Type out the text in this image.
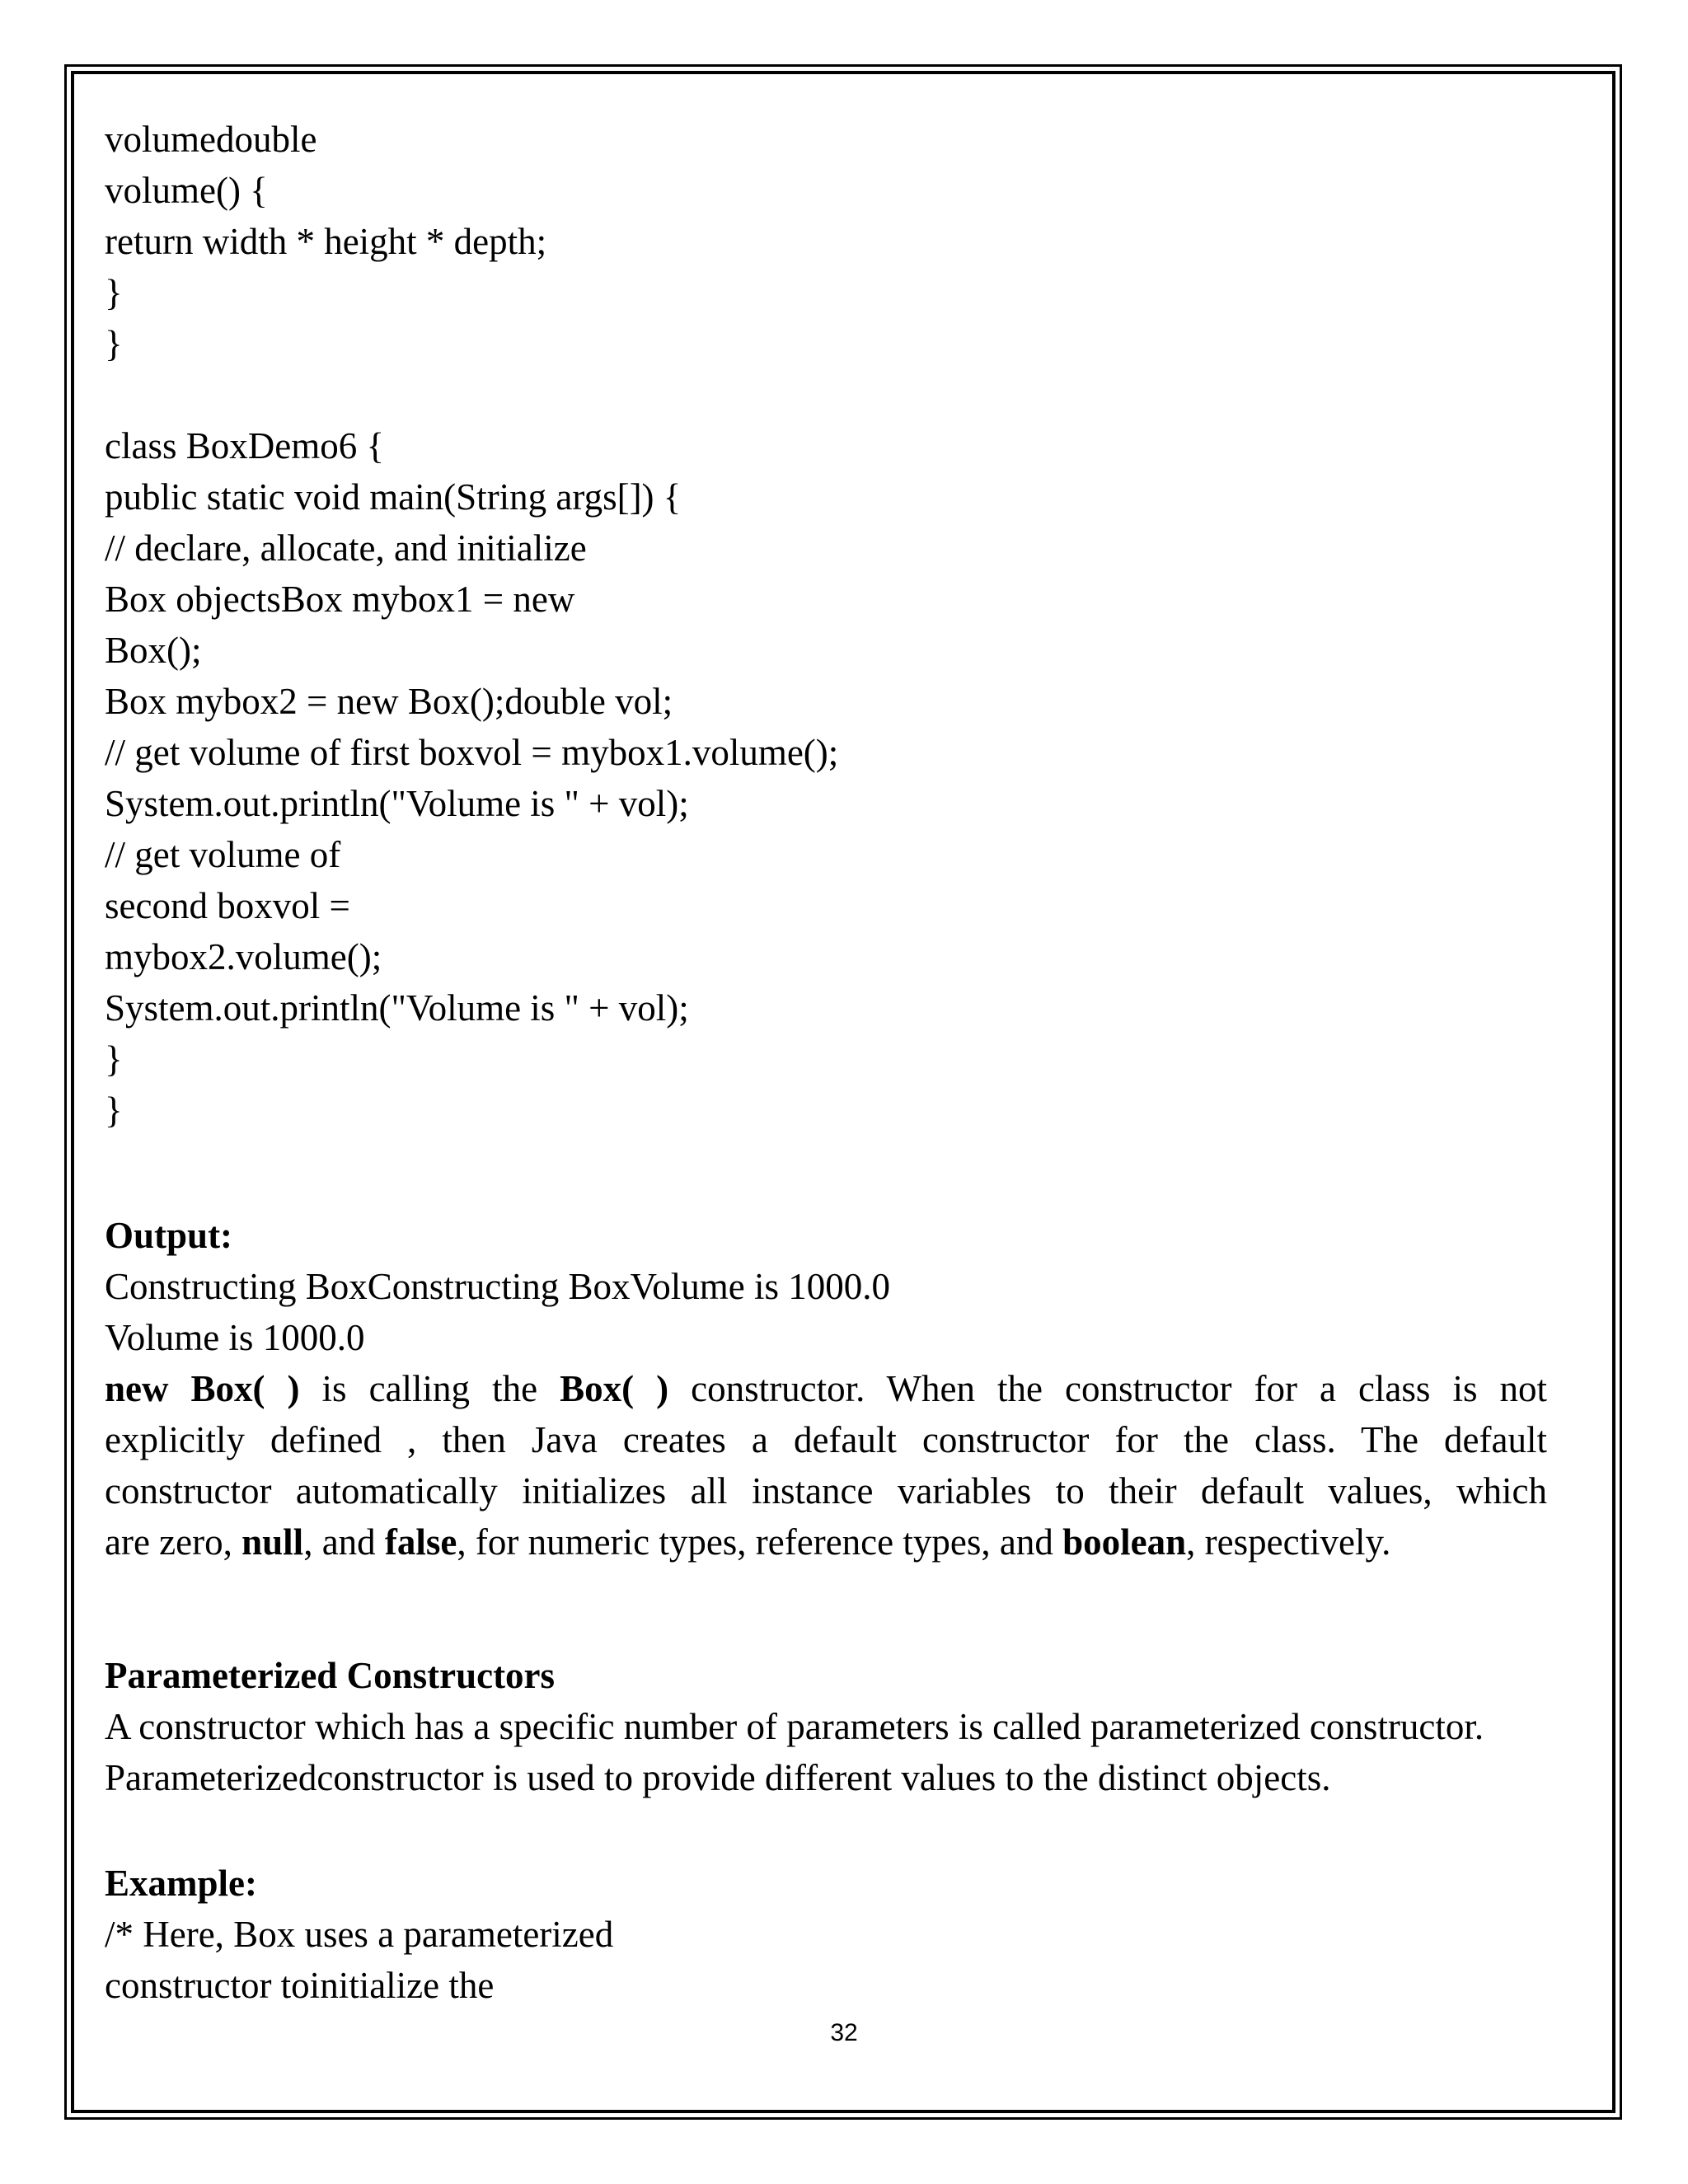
volumedouble
volume() {
return width * height * depth;
}
}
class BoxDemo6 {
public static void main(String args[]) {
// declare, allocate, and initialize
Box objectsBox mybox1 = new
Box();
Box mybox2 = new Box();double vol;
// get volume of first boxvol = mybox1.volume();
System.out.println("Volume is " + vol);
// get volume of
second boxvol =
mybox2.volume();
System.out.println("Volume is " + vol);
}
}
Output:
Constructing BoxConstructing BoxVolume is 1000.0
Volume is 1000.0
new Box( ) is calling the Box( ) constructor. When the constructor for a class is not
explicitly defined , then Java creates a default constructor for the class. The default
constructor automatically initializes all instance variables to their default values, which
are zero, null, and false, for numeric types, reference types, and boolean, respectively.
Parameterized Constructors
A constructor which has a specific number of parameters is called parameterized constructor.
Parameterizedconstructor is used to provide different values to the distinct objects.
Example:
/* Here, Box uses a parameterized
constructor toinitialize the
32
